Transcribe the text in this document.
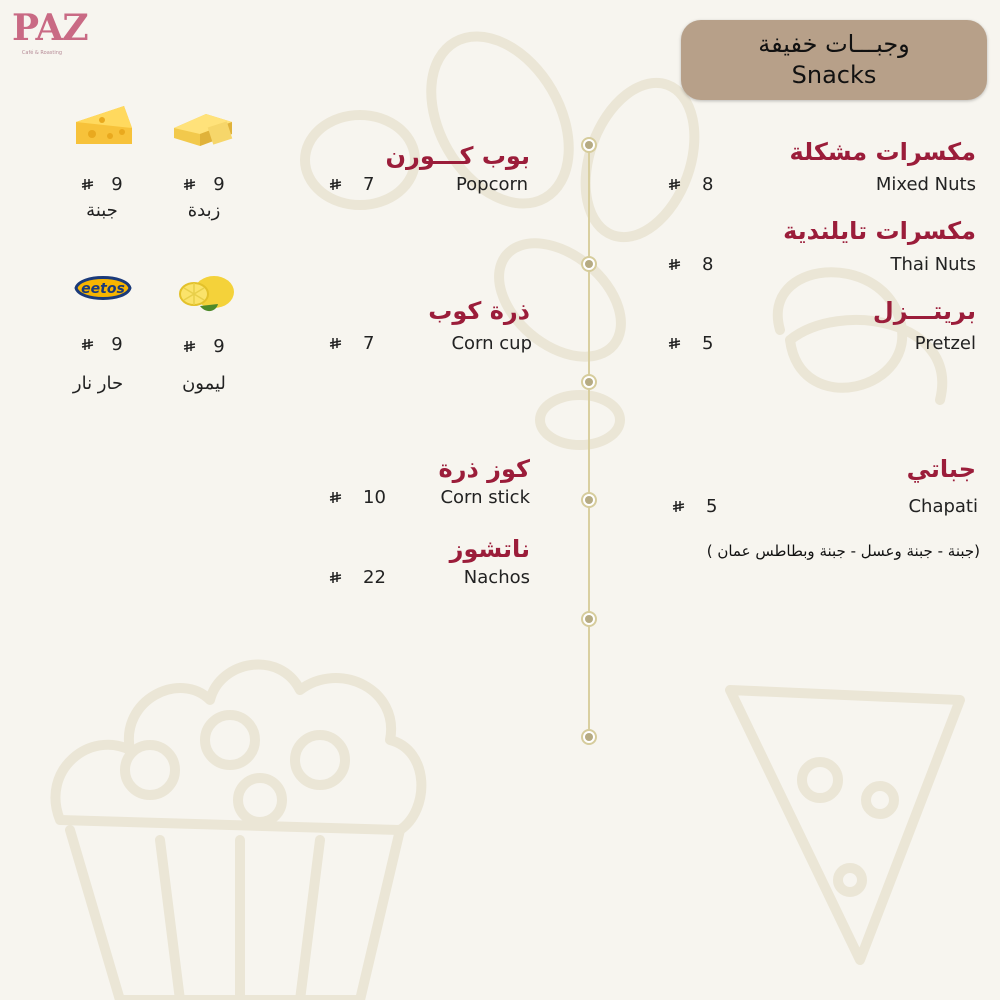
PAZ
Café & Roasting	وجبـــات خفيفة
Snacks
مكسرات مشكلة
Mixed Nuts
8
مكسرات تايلندية
Thai Nuts
8
بريتـــزل
Pretzel
5
جباتي
Chapati
5
(جبنة - جبنة وعسل - جبنة وبطاطس عمان )
بوب كـــورن
Popcorn
7
ذرة كوب
Corn cup
7
كوز ذرة
Corn stick
10
ناتشوز
Nachos
22
eetos
9
زبدة
9
جبنة
9
ليمون
9
حار نار
